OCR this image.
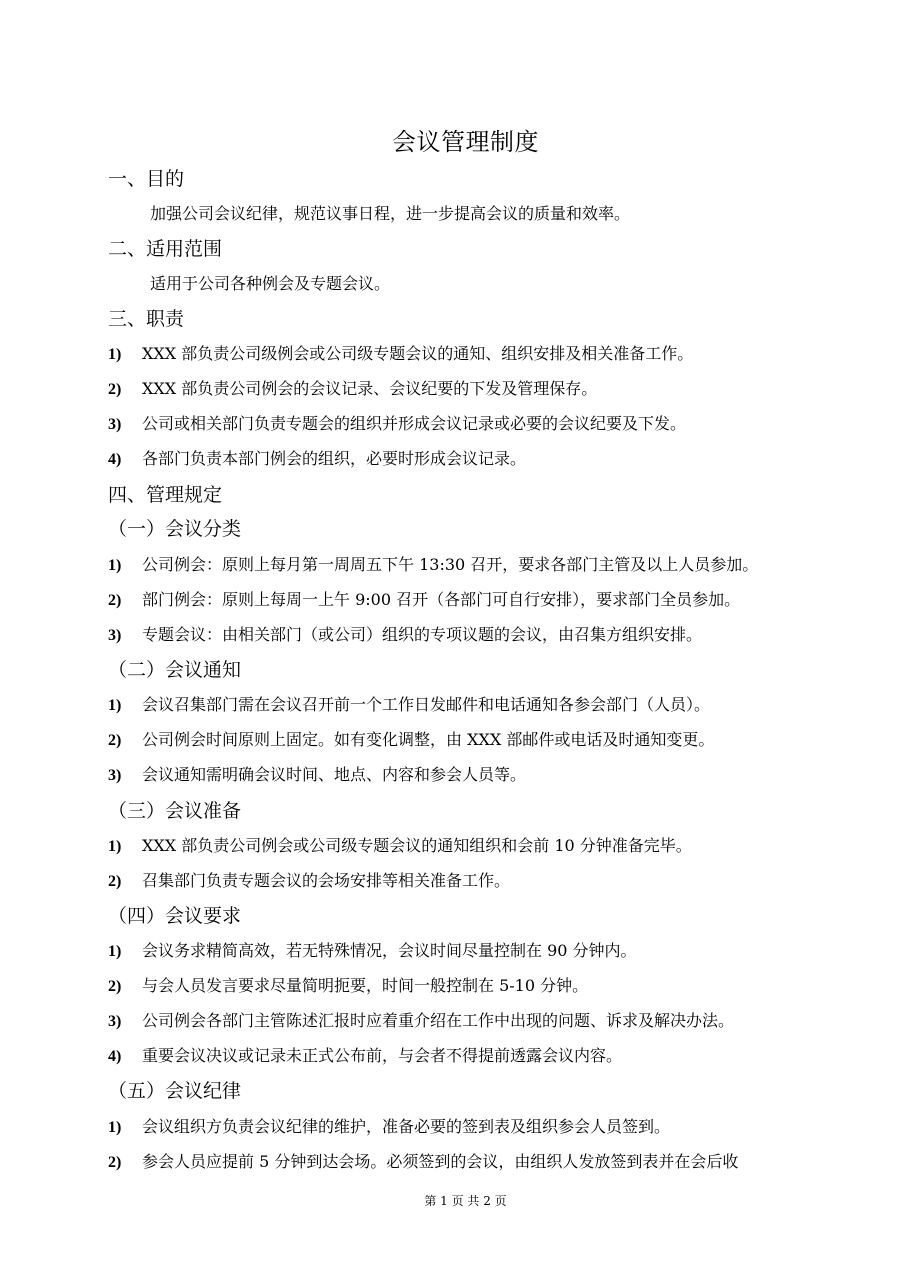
会议管理制度
一、目的
加强公司会议纪律，规范议事日程，进一步提高会议的质量和效率。
二、适用范围
适用于公司各种例会及专题会议。
三、职责
1) XXX 部负责公司级例会或公司级专题会议的通知、组织安排及相关准备工作。
2) XXX 部负责公司例会的会议记录、会议纪要的下发及管理保存。
3) 公司或相关部门负责专题会的组织并形成会议记录或必要的会议纪要及下发。
4) 各部门负责本部门例会的组织，必要时形成会议记录。
四、管理规定
（一）会议分类
1) 公司例会：原则上每月第一周周五下午 13:30 召开，要求各部门主管及以上人员参加。
2) 部门例会：原则上每周一上午 9:00 召开（各部门可自行安排），要求部门全员参加。
3) 专题会议：由相关部门（或公司）组织的专项议题的会议，由召集方组织安排。
（二）会议通知
1) 会议召集部门需在会议召开前一个工作日发邮件和电话通知各参会部门（人员）。
2) 公司例会时间原则上固定。如有变化调整，由 XXX 部邮件或电话及时通知变更。
3) 会议通知需明确会议时间、地点、内容和参会人员等。
（三）会议准备
1) XXX 部负责公司例会或公司级专题会议的通知组织和会前 10 分钟准备完毕。
2) 召集部门负责专题会议的会场安排等相关准备工作。
（四）会议要求
1) 会议务求精简高效，若无特殊情况，会议时间尽量控制在 90 分钟内。
2) 与会人员发言要求尽量简明扼要，时间一般控制在 5-10 分钟。
3) 公司例会各部门主管陈述汇报时应着重介绍在工作中出现的问题、诉求及解决办法。
4) 重要会议决议或记录未正式公布前，与会者不得提前透露会议内容。
（五）会议纪律
1) 会议组织方负责会议纪律的维护，准备必要的签到表及组织参会人员签到。
2) 参会人员应提前 5 分钟到达会场。必须签到的会议，由组织人发放签到表并在会后收
第 1 页 共 2 页
